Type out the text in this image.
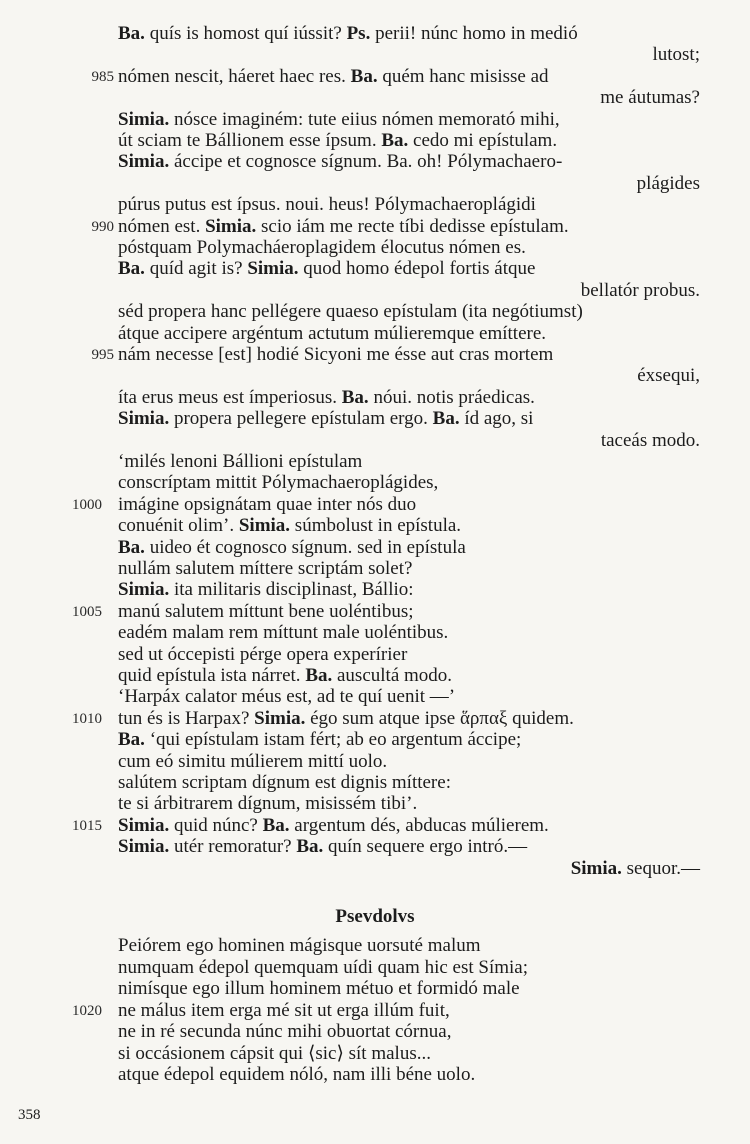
Ba. quís is homost quí iússit? Ps. perii! núnc homo in medió
lutost;
nómen nescit, háeret haec res. Ba. quém hanc misisse ad
985
me áutumas?
Simia. nósce imaginém: tute eiius nómen memorató mihi,
út sciam te Bállionem esse ípsum. Ba. cedo mi epístulam.
Simia. áccipe et cognosce sígnum. Ba. oh! Pólymachaero-
plágides
púrus putus est ípsus. noui. heus! Pólymachaeroplágidi
nómen est. Simia. scio iám me recte tíbi dedisse epístulam.
990
póstquam Polymacháeroplagidem élocutus nómen es.
Ba. quíd agit is? Simia. quod homo édepol fortis átque
bellatór probus.
séd propera hanc pellégere quaeso epístulam (ita negótiumst)
átque accipere argéntum actutum múlieremque emíttere.
nám necesse [est] hodié Sicyoni me ésse aut cras mortem
995
éxsequi,
íta erus meus est ímperiosus. Ba. nóui. notis práedicas.
Simia. propera pellegere epístulam ergo. Ba. íd ago, si
taceás modo.
‘milés lenoni Bállioni epístulam
conscríptam mittit Pólymachaeroplágides,
imágine opsignátam quae inter nós duo
1000
conuénit olim’. Simia. súmbolust in epístula.
Ba. uideo ét cognosco sígnum. sed in epístula
nullám salutem míttere scriptám solet?
Simia. ita militaris disciplinast, Bállio:
manú salutem míttunt bene uoléntibus;
1005
eadém malam rem míttunt male uoléntibus.
sed ut óccepisti pérge opera experírier
quid epístula ista nárret. Ba. auscultá modo.
‘Harpáx calator méus est, ad te quí uenit —’
tun és is Harpax? Simia. égo sum atque ipse ἅρπαξ quidem.
1010
Ba. ‘qui epístulam istam fért; ab eo argentum áccipe;
cum eó simitu múlierem mittí uolo.
salútem scriptam dígnum est dignis míttere:
te si árbitrarem dígnum, misissém tibi’.
Simia. quid núnc? Ba. argentum dés, abducas múlierem.
1015
Simia. utér remoratur? Ba. quín sequere ergo intró.—
Simia. sequor.—
Psevdolvs
Peiórem ego hominen mágisque uorsuté malum
numquam édepol quemquam uídi quam hic est Símia;
nimísque ego illum hominem métuo et formidó male
ne málus item erga mé sit ut erga illúm fuit,
1020
ne in ré secunda núnc mihi obuortat córnua,
si occásionem cápsit qui ⟨sic⟩ sít malus...
atque édepol equidem nóló, nam illi béne uolo.
358
